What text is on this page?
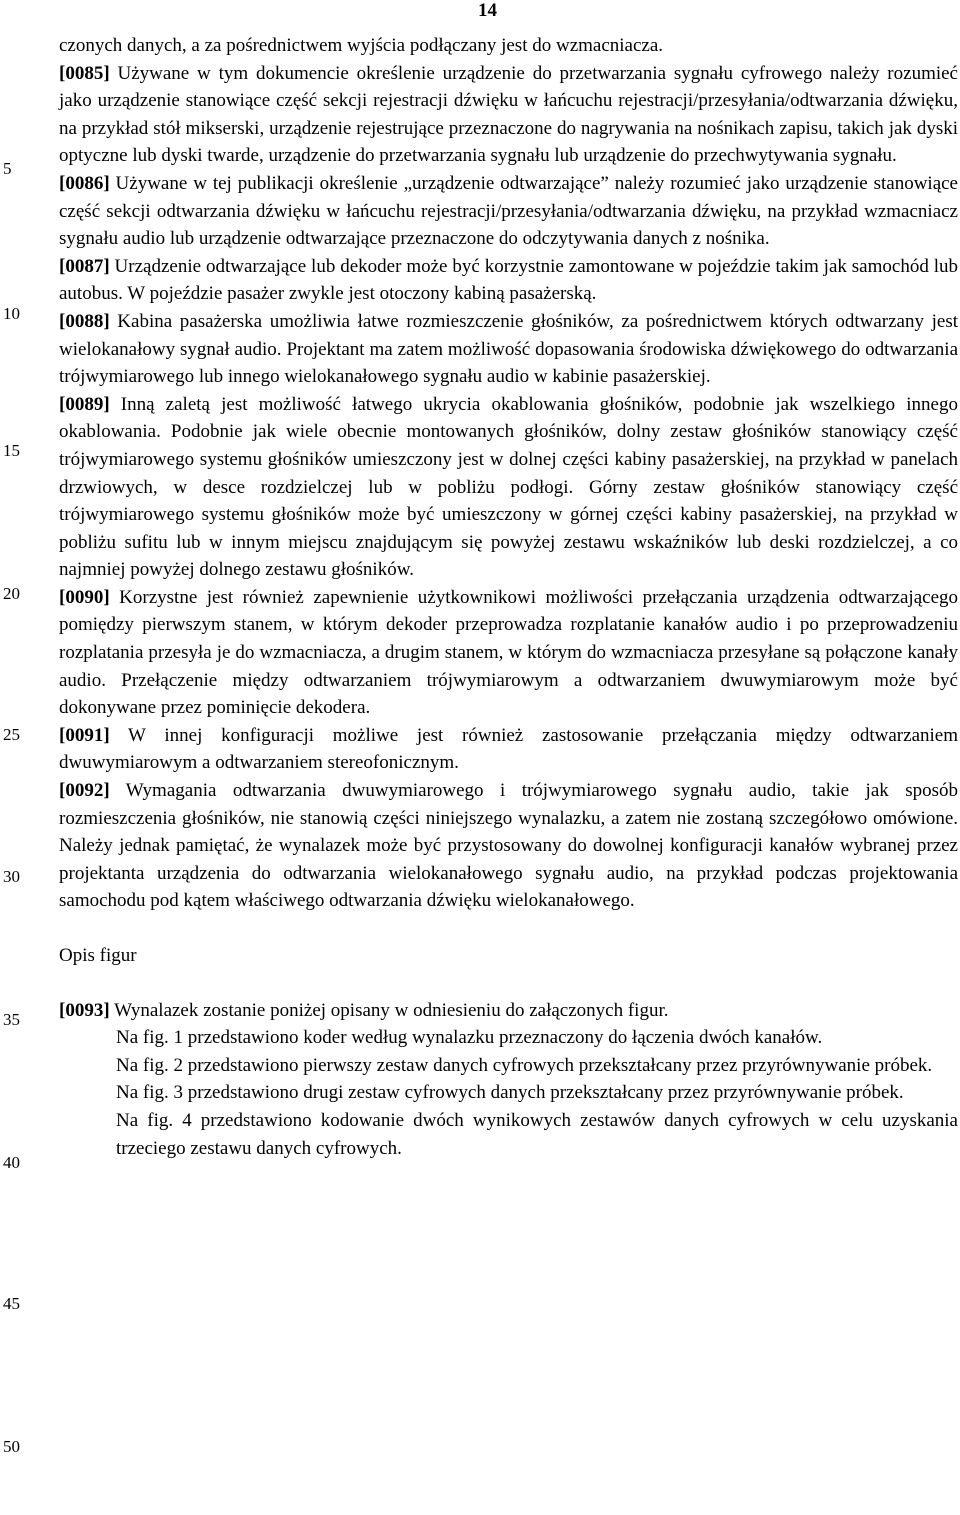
14
5
10
15
20
25
30
35
40
45
50

czonych danych, a za pośrednictwem wyjścia podłączany jest do wzmacniacza.

[0085] Używane w tym dokumencie określenie urządzenie do przetwarzania sygnału cyfrowego należy rozumieć jako urządzenie stanowiące część sekcji rejestracji dźwięku w łańcuchu rejestracji/przesyłania/odtwarzania dźwięku, na przykład stół mikserski, urządzenie rejestrujące przeznaczone do nagrywania na nośnikach zapisu, takich jak dyski optyczne lub dyski twarde, urządzenie do przetwarzania sygnału lub urządzenie do przechwytywania sygnału.

[0086] Używane w tej publikacji określenie „urządzenie odtwarzające” należy rozumieć jako urządzenie stanowiące część sekcji odtwarzania dźwięku w łańcuchu rejestracji/przesyłania/odtwarzania dźwięku, na przykład wzmacniacz sygnału audio lub urządzenie odtwarzające przeznaczone do odczytywania danych z nośnika.

[0087] Urządzenie odtwarzające lub dekoder może być korzystnie zamontowane w pojeździe takim jak samochód lub autobus. W pojeździe pasażer zwykle jest otoczony kabiną pasażerską.

[0088] Kabina pasażerska umożliwia łatwe rozmieszczenie głośników, za pośrednictwem których odtwarzany jest wielokanałowy sygnał audio. Projektant ma zatem możliwość dopasowania środowiska dźwiękowego do odtwarzania trójwymiarowego lub innego wielokanałowego sygnału audio w kabinie pasażerskiej.

[0089] Inną zaletą jest możliwość łatwego ukrycia okablowania głośników, podobnie jak wszelkiego innego okablowania. Podobnie jak wiele obecnie montowanych głośników, dolny zestaw głośników stanowiący część trójwymiarowego systemu głośników umieszczony jest w dolnej części kabiny pasażerskiej, na przykład w panelach drzwiowych, w desce rozdzielczej lub w pobliżu podłogi. Górny zestaw głośników stanowiący część trójwymiarowego systemu głośników może być umieszczony w górnej części kabiny pasażerskiej, na przykład w pobliżu sufitu lub w innym miejscu znajdującym się powyżej zestawu wskaźników lub deski rozdzielczej, a co najmniej powyżej dolnego zestawu głośników.

[0090] Korzystne jest również zapewnienie użytkownikowi możliwości przełączania urządzenia odtwarzającego pomiędzy pierwszym stanem, w którym dekoder przeprowadza rozplatanie kanałów audio i po przeprowadzeniu rozplatania przesyła je do wzmacniacza, a drugim stanem, w którym do wzmacniacza przesyłane są połączone kanały audio. Przełączenie między odtwarzaniem trójwymiarowym a odtwarzaniem dwuwymiarowym może być dokonywane przez pominięcie dekodera.

[0091] W innej konfiguracji możliwe jest również zastosowanie przełączania między odtwarzaniem dwuwymiarowym a odtwarzaniem stereofonicznym.

[0092] Wymagania odtwarzania dwuwymiarowego i trójwymiarowego sygnału audio, takie jak sposób rozmieszczenia głośników, nie stanowią części niniejszego wynalazku, a zatem nie zostaną szczegółowo omówione. Należy jednak pamiętać, że wynalazek może być przystosowany do dowolnej konfiguracji kanałów wybranej przez projektanta urządzenia do odtwarzania wielokanałowego sygnału audio, na przykład podczas projektowania samochodu pod kątem właściwego odtwarzania dźwięku wielokanałowego.

Opis figur

[0093] Wynalazek zostanie poniżej opisany w odniesieniu do załączonych figur.

Na fig. 1 przedstawiono koder według wynalazku przeznaczony do łączenia dwóch kanałów.

Na fig. 2 przedstawiono pierwszy zestaw danych cyfrowych przekształcany przez przyrównywanie próbek.

Na fig. 3 przedstawiono drugi zestaw cyfrowych danych przekształcany przez przyrównywanie próbek.

Na fig. 4 przedstawiono kodowanie dwóch wynikowych zestawów danych cyfrowych w celu uzyskania trzeciego zestawu danych cyfrowych.
